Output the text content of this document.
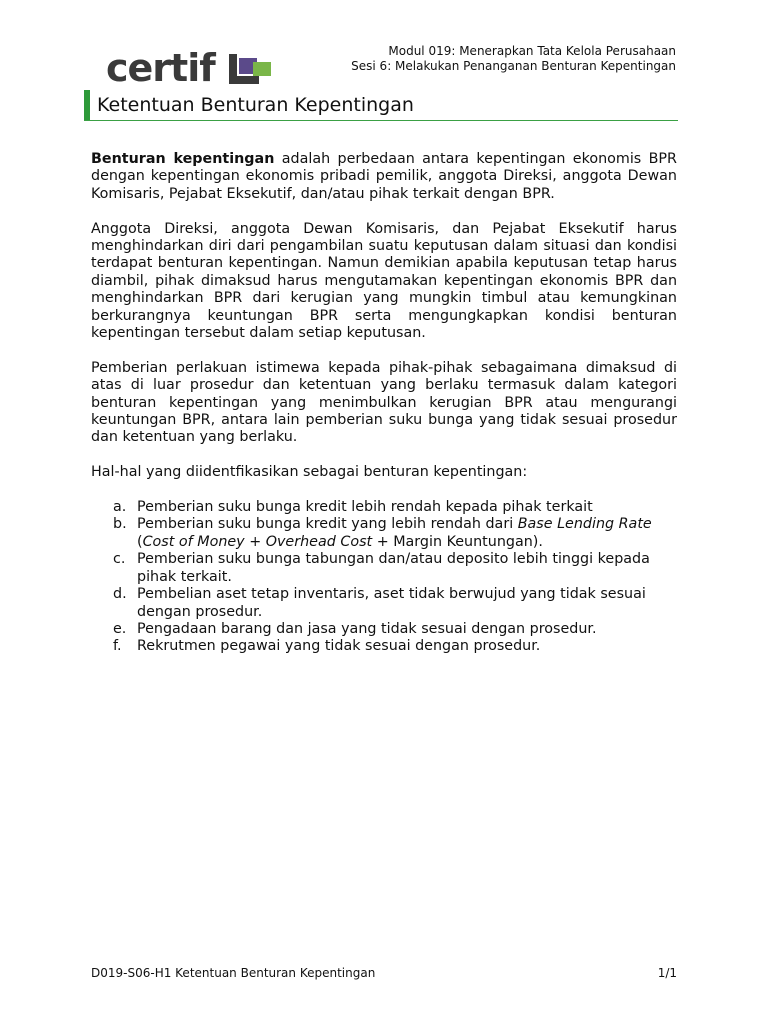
certif	Modul 019: Menerapkan Tata Kelola Perusahaan
Sesi 6: Melakukan Penanganan Benturan Kepentingan
Ketentuan Benturan Kepentingan

Benturan kepentingan adalah perbedaan antara kepentingan ekonomis BPR dengan kepentingan ekonomis pribadi pemilik, anggota Direksi, anggota Dewan Komisaris, Pejabat Eksekutif, dan/atau pihak terkait dengan BPR.

Anggota Direksi, anggota Dewan Komisaris, dan Pejabat Eksekutif harus menghindarkan diri dari pengambilan suatu keputusan dalam situasi dan kondisi terdapat benturan kepentingan. Namun demikian apabila keputusan tetap harus diambil, pihak dimaksud harus mengutamakan kepentingan ekonomis BPR dan menghindarkan BPR dari kerugian yang mungkin timbul atau kemungkinan berkurangnya keuntungan BPR serta mengungkapkan kondisi benturan kepentingan tersebut dalam setiap keputusan.

Pemberian perlakuan istimewa kepada pihak-pihak sebagaimana dimaksud di atas di luar prosedur dan ketentuan yang berlaku termasuk dalam kategori benturan kepentingan yang menimbulkan kerugian BPR atau mengurangi keuntungan BPR, antara lain pemberian suku bunga yang tidak sesuai prosedur dan ketentuan yang berlaku.

Hal-hal yang diidentfikasikan sebagai benturan kepentingan:

a. Pemberian suku bunga kredit lebih rendah kepada pihak terkait
b. Pemberian suku bunga kredit yang lebih rendah dari Base Lending Rate (Cost of Money + Overhead Cost + Margin Keuntungan).
c. Pemberian suku bunga tabungan dan/atau deposito lebih tinggi kepada pihak terkait.
d. Pembelian aset tetap inventaris, aset tidak berwujud yang tidak sesuai dengan prosedur.
e. Pengadaan barang dan jasa yang tidak sesuai dengan prosedur.
f. Rekrutmen pegawai yang tidak sesuai dengan prosedur.
D019-S06-H1 Ketentuan Benturan Kepentingan	1/1
